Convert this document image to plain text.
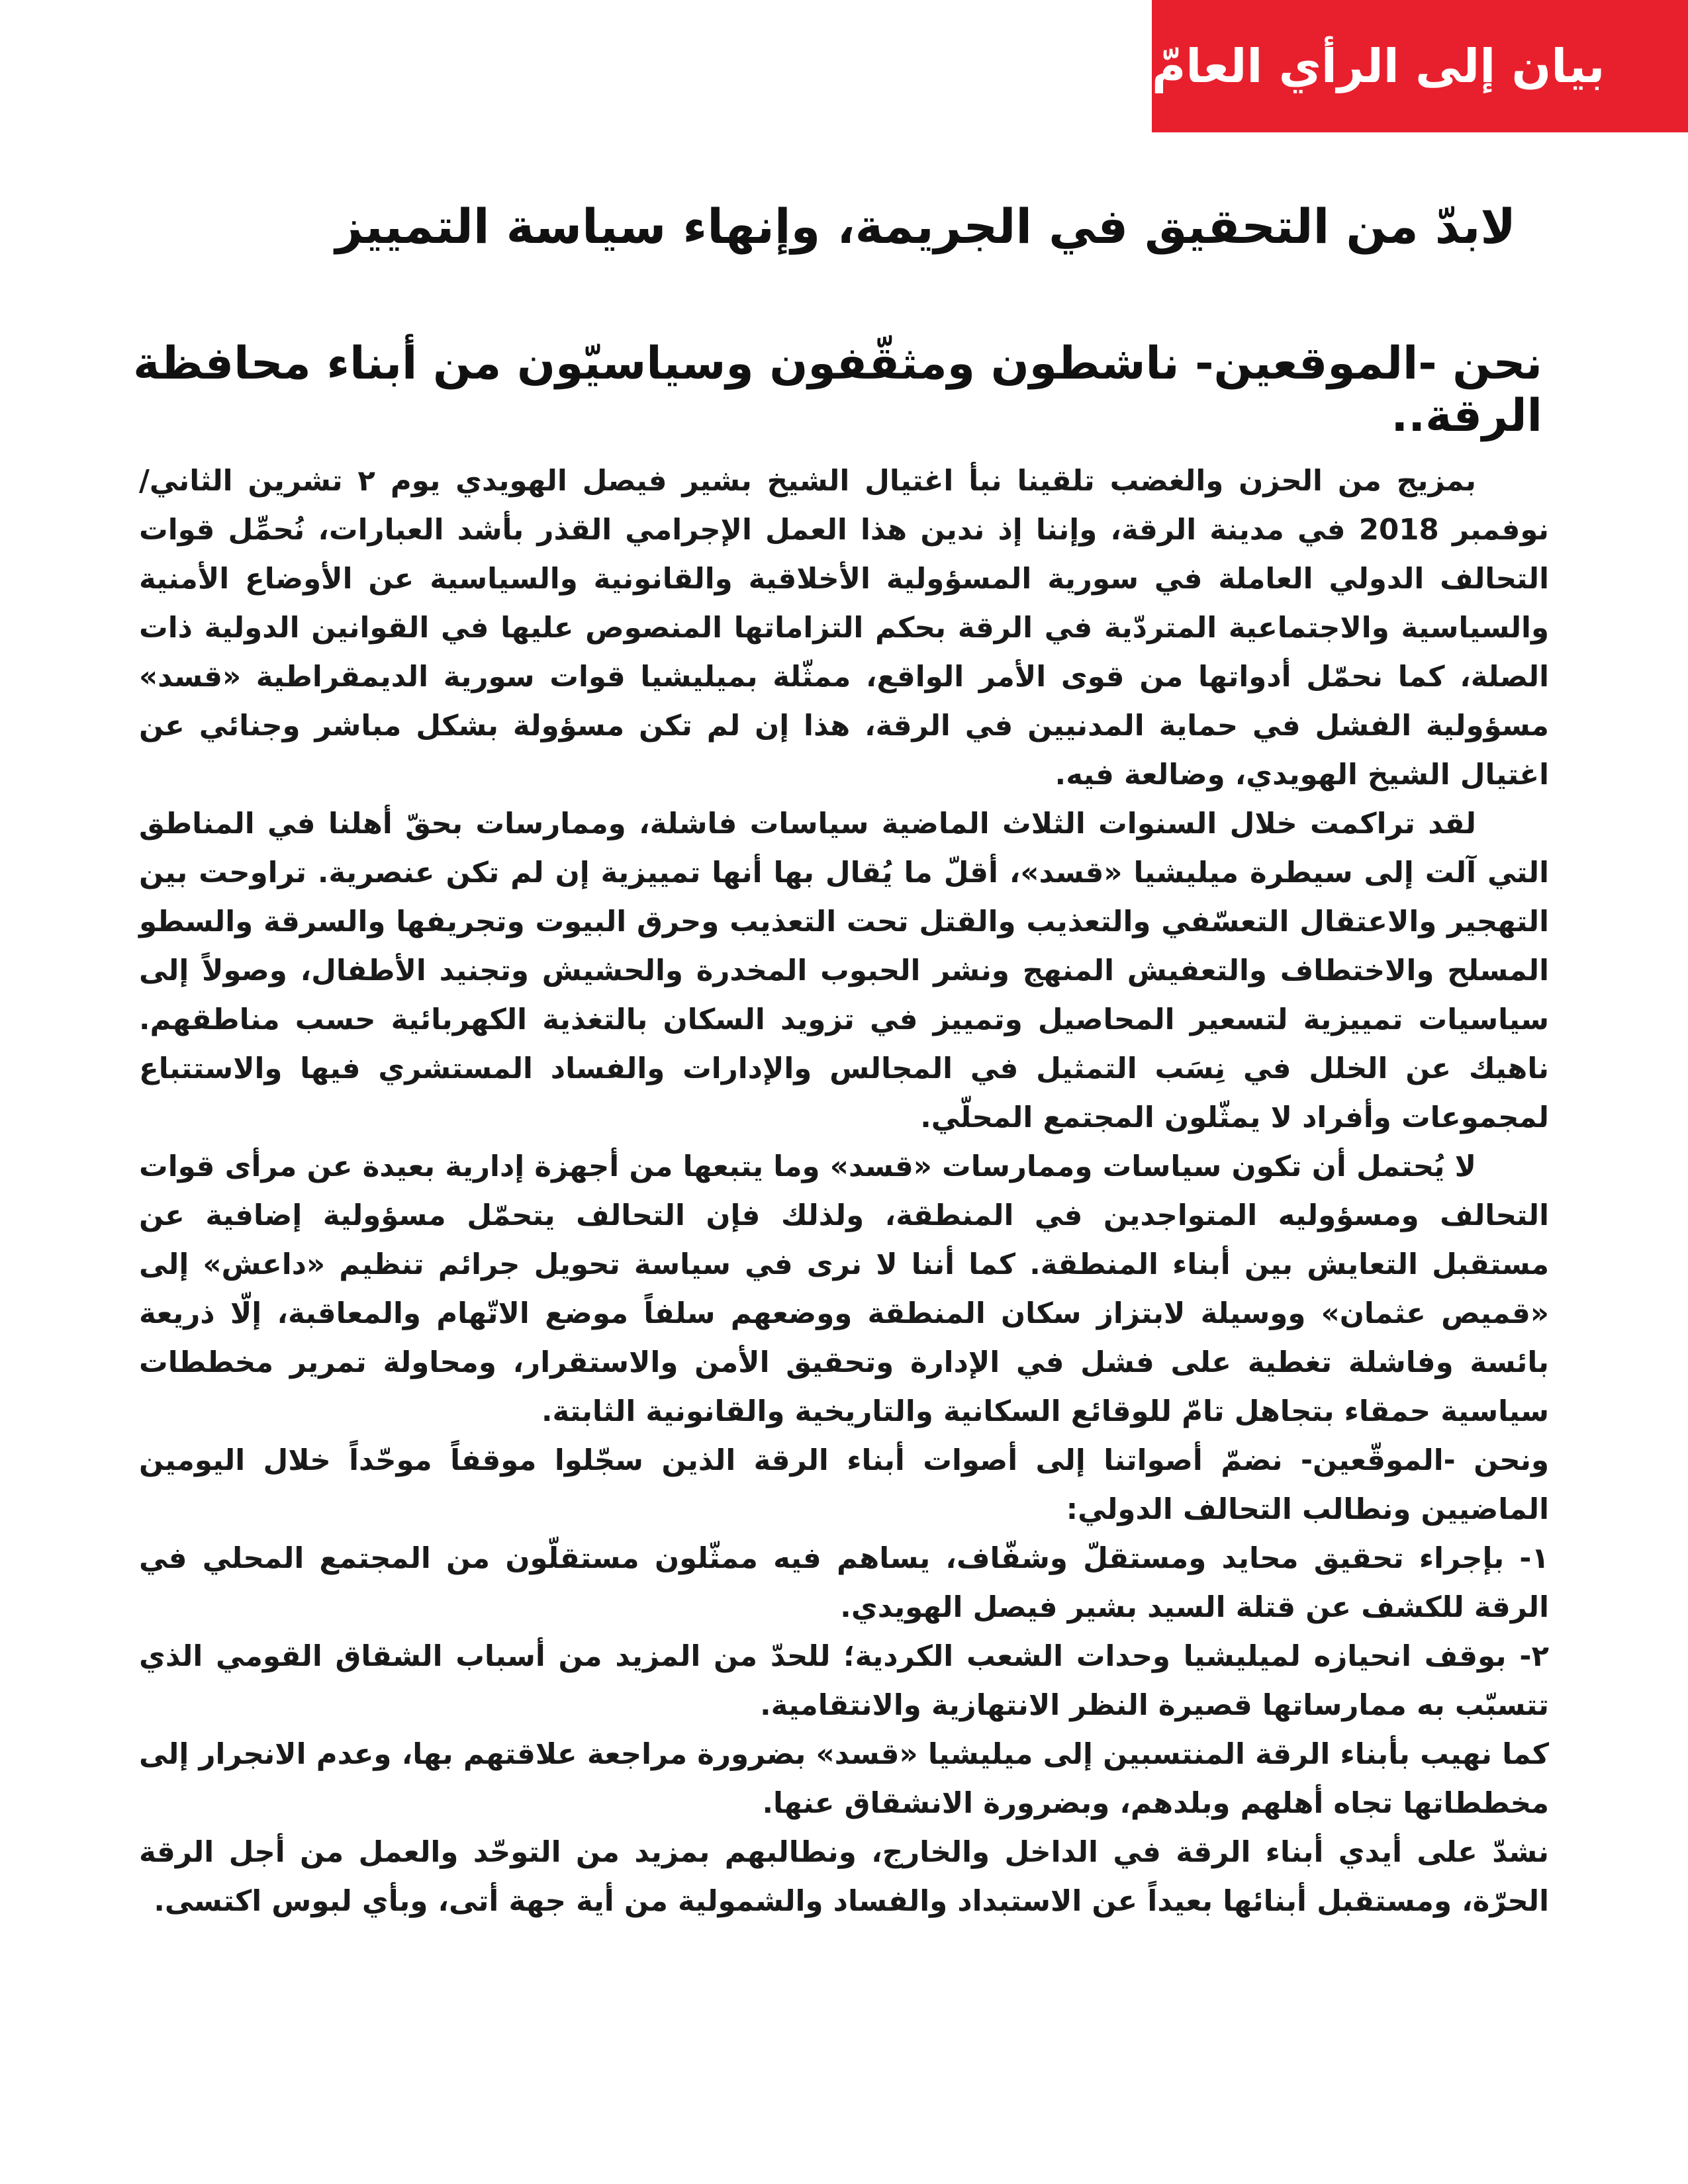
بيان إلى الرأي العامّ
لابدّ من التحقيق في الجريمة، وإنهاء سياسة التمييز
نحن -الموقعين- ناشطون ومثقّفون وسياسيّون من أبناء محافظة الرقة..

بمزيج من الحزن والغضب تلقينا نبأ اغتيال الشيخ بشير فيصل الهويدي يوم ٢ تشرين الثاني/نوفمبر 2018 في مدينة الرقة، وإننا إذ ندين هذا العمل الإجرامي القذر بأشد العبارات، نُحمِّل قوات التحالف الدولي العاملة في سورية المسؤولية الأخلاقية والقانونية والسياسية عن الأوضاع الأمنية والسياسية والاجتماعية المتردّية في الرقة بحكم التزاماتها المنصوص عليها في القوانين الدولية ذات الصلة، كما نحمّل أدواتها من قوى الأمر الواقع، ممثّلة بميليشيا قوات سورية الديمقراطية «قسد» مسؤولية الفشل في حماية المدنيين في الرقة، هذا إن لم تكن مسؤولة بشكل مباشر وجنائي عن اغتيال الشيخ الهويدي، وضالعة فيه.

لقد تراكمت خلال السنوات الثلاث الماضية سياسات فاشلة، وممارسات بحقّ أهلنا في المناطق التي آلت إلى سيطرة ميليشيا «قسد»، أقلّ ما يُقال بها أنها تمييزية إن لم تكن عنصرية. تراوحت بين التهجير والاعتقال التعسّفي والتعذيب والقتل تحت التعذيب وحرق البيوت وتجريفها والسرقة والسطو المسلح والاختطاف والتعفيش المنهج ونشر الحبوب المخدرة والحشيش وتجنيد الأطفال، وصولاً إلى سياسيات تمييزية لتسعير المحاصيل وتمييز في تزويد السكان بالتغذية الكهربائية حسب مناطقهم. ناهيك عن الخلل في نِسَب التمثيل في المجالس والإدارات والفساد المستشري فيها والاستتباع لمجموعات وأفراد لا يمثّلون المجتمع المحلّي.

لا يُحتمل أن تكون سياسات وممارسات «قسد» وما يتبعها من أجهزة إدارية بعيدة عن مرأى قوات التحالف ومسؤوليه المتواجدين في المنطقة، ولذلك فإن التحالف يتحمّل مسؤولية إضافية عن مستقبل التعايش بين أبناء المنطقة. كما أننا لا نرى في سياسة تحويل جرائم تنظيم «داعش» إلى «قميص عثمان» ووسيلة لابتزاز سكان المنطقة ووضعهم سلفاً موضع الاتّهام والمعاقبة، إلّا ذريعة بائسة وفاشلة تغطية على فشل في الإدارة وتحقيق الأمن والاستقرار، ومحاولة تمرير مخططات سياسية حمقاء بتجاهل تامّ للوقائع السكانية والتاريخية والقانونية الثابتة.

ونحن -الموقّعين- نضمّ أصواتنا إلى أصوات أبناء الرقة الذين سجّلوا موقفاً موحّداً خلال اليومين الماضيين ونطالب التحالف الدولي:

١- بإجراء تحقيق محايد ومستقلّ وشفّاف، يساهم فيه ممثّلون مستقلّون من المجتمع المحلي في الرقة للكشف عن قتلة السيد بشير فيصل الهويدي.

٢- بوقف انحيازه لميليشيا وحدات الشعب الكردية؛ للحدّ من المزيد من أسباب الشقاق القومي الذي تتسبّب به ممارساتها قصيرة النظر الانتهازية والانتقامية.

كما نهيب بأبناء الرقة المنتسبين إلى ميليشيا «قسد» بضرورة مراجعة علاقتهم بها، وعدم الانجرار إلى مخططاتها تجاه أهلهم وبلدهم، وبضرورة الانشقاق عنها.

نشدّ على أيدي أبناء الرقة في الداخل والخارج، ونطالبهم بمزيد من التوحّد والعمل من أجل الرقة الحرّة، ومستقبل أبنائها بعيداً عن الاستبداد والفساد والشمولية من أية جهة أتى، وبأي لبوس اكتسى.
